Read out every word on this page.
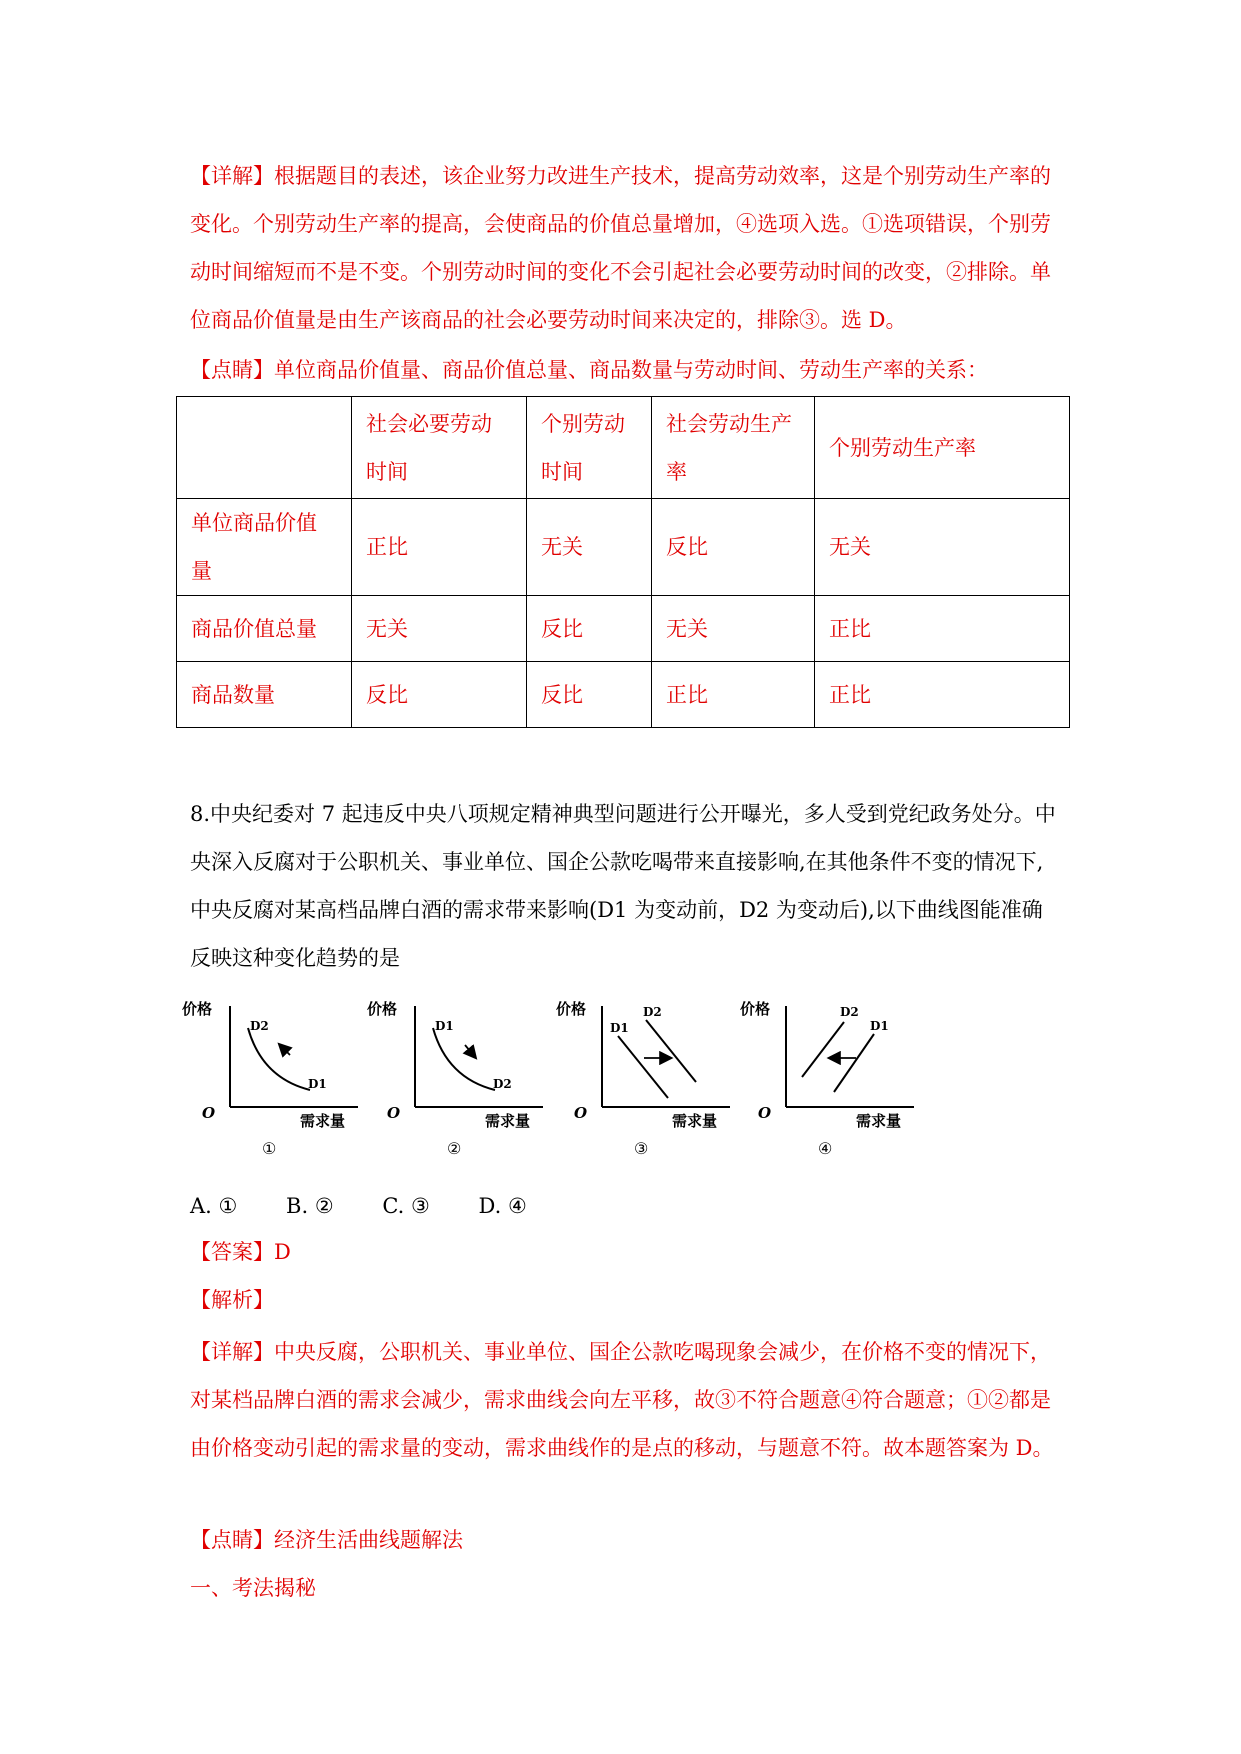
【详解】根据题目的表述，该企业努力改进生产技术，提高劳动效率，这是个别劳动生产率的变化。个别劳动生产率的提高，会使商品的价值总量增加，④选项入选。①选项错误，个别劳动时间缩短而不是不变。个别劳动时间的变化不会引起社会必要劳动时间的改变，②排除。单位商品价值量是由生产该商品的社会必要劳动时间来决定的，排除③。选 D。

【点睛】单位商品价值量、商品价值总量、商品数量与劳动时间、劳动生产率的关系：

	社会必要劳动时间	个别劳动时间	社会劳动生产率	个别劳动生产率
单位商品价值量	正比	无关	反比	无关
商品价值总量	无关	反比	无关	正比
商品数量	反比	反比	正比	正比

8.中央纪委对 7 起违反中央八项规定精神典型问题进行公开曝光，多人受到党纪政务处分。中央深入反腐对于公职机关、事业单位、国企公款吃喝带来直接影响,在其他条件不变的情况下,中央反腐对某高档品牌白酒的需求带来影响(D1 为变动前，D2 为变动后),以下曲线图能准确反映这种变化趋势的是

价格
O	需求量
①
D2
D1
价格
O	需求量
②
D1
D2
价格
O	需求量
③
D1
D2	价格
O	需求量
④
D2
D1
A. ① B. ② C. ③ D. ④
【答案】D
【解析】

【详解】中央反腐，公职机关、事业单位、国企公款吃喝现象会减少，在价格不变的情况下，对某档品牌白酒的需求会减少，需求曲线会向左平移，故③不符合题意④符合题意；①②都是由价格变动引起的需求量的变动，需求曲线作的是点的移动，与题意不符。故本题答案为 D。

【点睛】经济生活曲线题解法
一、考法揭秘
